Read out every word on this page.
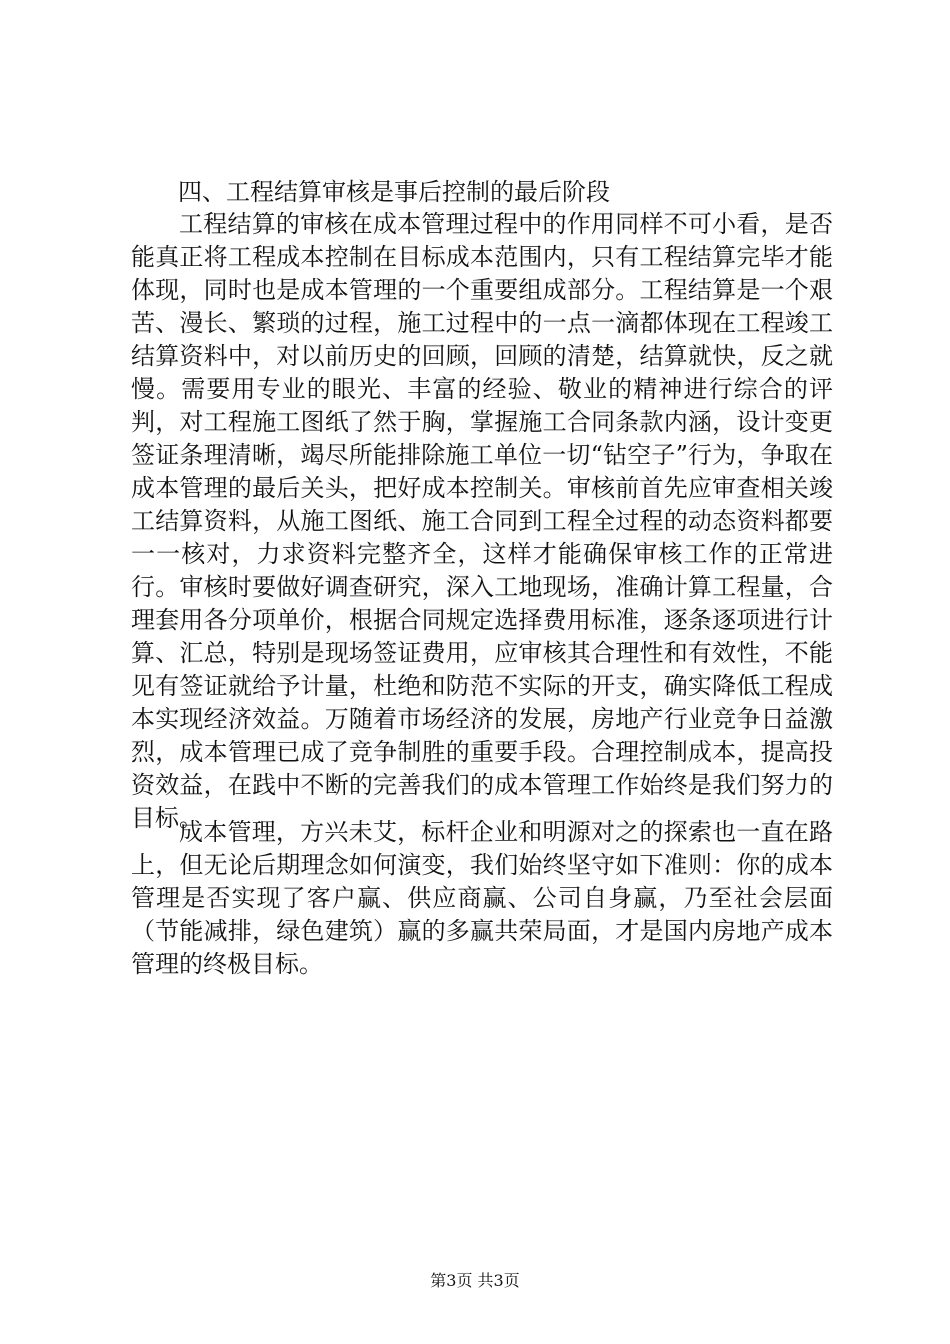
四、工程结算审核是事后控制的最后阶段

工程结算的审核在成本管理过程中的作用同样不可小看，是否能真正将工程成本控制在目标成本范围内，只有工程结算完毕才能体现，同时也是成本管理的一个重要组成部分。工程结算是一个艰苦、漫长、繁琐的过程，施工过程中的一点一滴都体现在工程竣工结算资料中，对以前历史的回顾，回顾的清楚，结算就快，反之就慢。需要用专业的眼光、丰富的经验、敬业的精神进行综合的评判，对工程施工图纸了然于胸，掌握施工合同条款内涵，设计变更签证条理清晰，竭尽所能排除施工单位一切“钻空子”行为，争取在成本管理的最后关头，把好成本控制关。审核前首先应审查相关竣工结算资料，从施工图纸、施工合同到工程全过程的动态资料都要一一核对，力求资料完整齐全，这样才能确保审核工作的正常进行。审核时要做好调查研究，深入工地现场，准确计算工程量，合理套用各分项单价，根据合同规定选择费用标准，逐条逐项进行计算、汇总，特别是现场签证费用，应审核其合理性和有效性，不能见有签证就给予计量，杜绝和防范不实际的开支，确实降低工程成本实现经济效益。万随着市场经济的发展，房地产行业竞争日益激烈，成本管理已成了竞争制胜的重要手段。合理控制成本，提高投资效益，在践中不断的完善我们的成本管理工作始终是我们努力的目标。

成本管理，方兴未艾，标杆企业和明源对之的探索也一直在路上，但无论后期理念如何演变，我们始终坚守如下准则：你的成本管理是否实现了客户赢、供应商赢、公司自身赢，乃至社会层面（节能减排，绿色建筑）赢的多赢共荣局面，才是国内房地产成本管理的终极目标。

第3页 共3页
